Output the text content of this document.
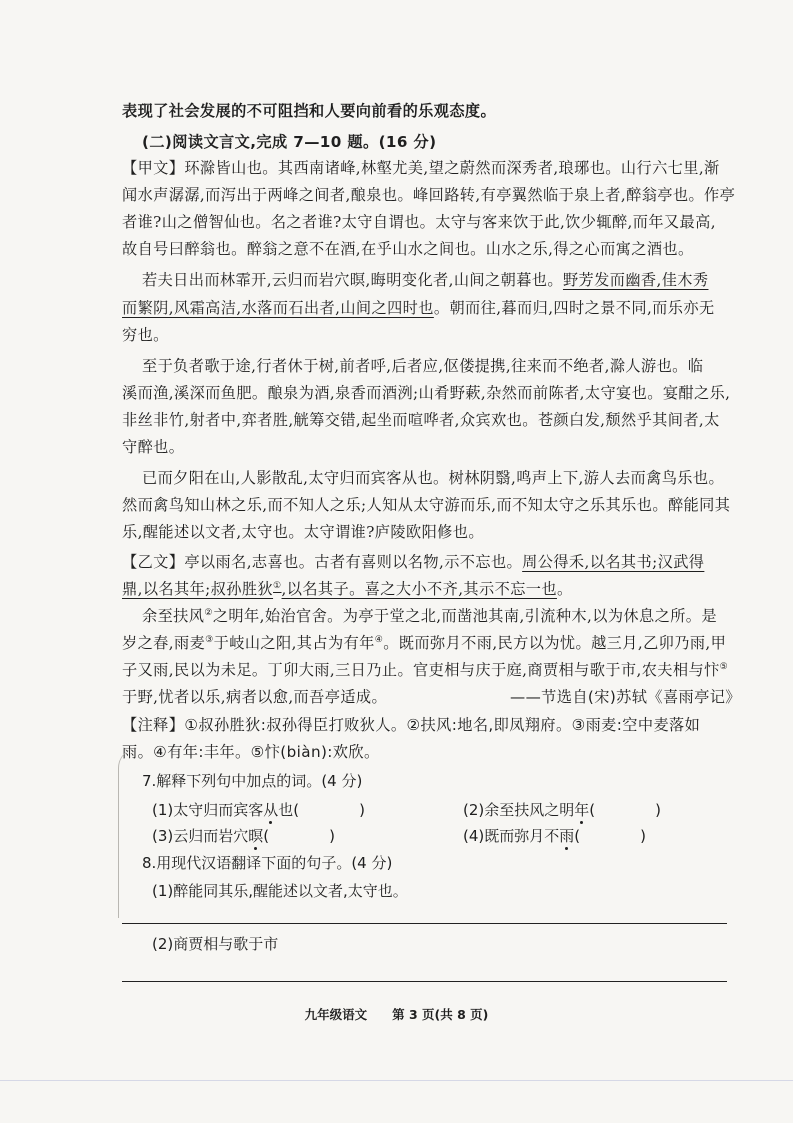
表现了社会发展的不可阻挡和人要向前看的乐观态度。
(二)阅读文言文,完成 7—10 题。(16 分)
【甲文】环滁皆山也。其西南诸峰,林壑尤美,望之蔚然而深秀者,琅琊也。山行六七里,渐
闻水声潺潺,而泻出于两峰之间者,酿泉也。峰回路转,有亭翼然临于泉上者,醉翁亭也。作亭
者谁?山之僧智仙也。名之者谁?太守自谓也。太守与客来饮于此,饮少辄醉,而年又最高,
故自号曰醉翁也。醉翁之意不在酒,在乎山水之间也。山水之乐,得之心而寓之酒也。
若夫日出而林霏开,云归而岩穴暝,晦明变化者,山间之朝暮也。野芳发而幽香,佳木秀
而繁阴,风霜高洁,水落而石出者,山间之四时也。朝而往,暮而归,四时之景不同,而乐亦无
穷也。
至于负者歌于途,行者休于树,前者呼,后者应,伛偻提携,往来而不绝者,滁人游也。临
溪而渔,溪深而鱼肥。酿泉为酒,泉香而酒洌;山肴野蔌,杂然而前陈者,太守宴也。宴酣之乐,
非丝非竹,射者中,弈者胜,觥筹交错,起坐而喧哗者,众宾欢也。苍颜白发,颓然乎其间者,太
守醉也。
已而夕阳在山,人影散乱,太守归而宾客从也。树林阴翳,鸣声上下,游人去而禽鸟乐也。
然而禽鸟知山林之乐,而不知人之乐;人知从太守游而乐,而不知太守之乐其乐也。醉能同其
乐,醒能述以文者,太守也。太守谓谁?庐陵欧阳修也。
【乙文】亭以雨名,志喜也。古者有喜则以名物,示不忘也。周公得禾,以名其书;汉武得
鼎,以名其年;叔孙胜狄①,以名其子。喜之大小不齐,其示不忘一也。
余至扶风②之明年,始治官舍。为亭于堂之北,而凿池其南,引流种木,以为休息之所。是
岁之春,雨麦③于岐山之阳,其占为有年④。既而弥月不雨,民方以为忧。越三月,乙卯乃雨,甲
子又雨,民以为未足。丁卯大雨,三日乃止。官吏相与庆于庭,商贾相与歌于市,农夫相与忭⑤
于野,忧者以乐,病者以愈,而吾亭适成。	——节选自(宋)苏轼《喜雨亭记》
【注释】①叔孙胜狄:叔孙得臣打败狄人。②扶风:地名,即凤翔府。③雨麦:空中麦落如
雨。④有年:丰年。⑤忭(biàn):欢欣。
7.解释下列句中加点的词。(4 分)
(1)太守归而宾客从也(　　　　)	(2)余至扶风之明年(　　　　)
(3)云归而岩穴暝(　　　　)	(4)既而弥月不雨(　　　　)
8.用现代汉语翻译下面的句子。(4 分)
(1)醉能同其乐,醒能述以文者,太守也。
(2)商贾相与歌于市
九年级语文　　第 3 页(共 8 页)
